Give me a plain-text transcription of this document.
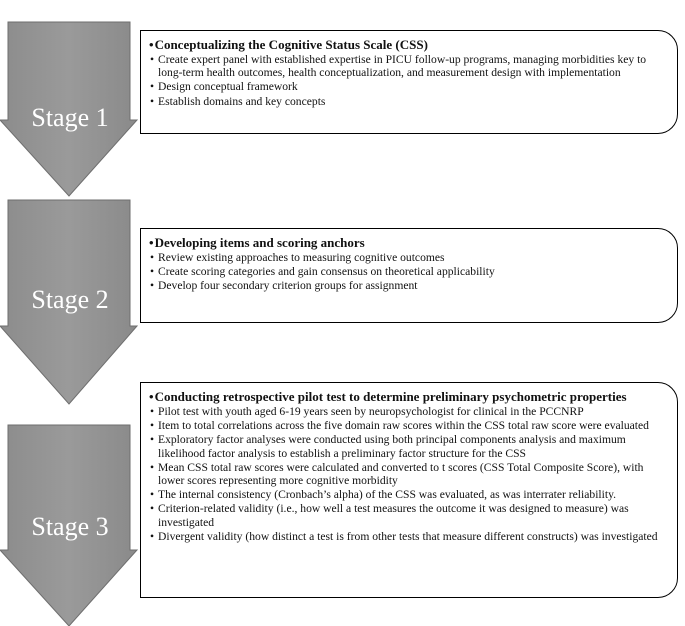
Stage 1
Stage 2
Stage 3
•Conceptualizing the Cognitive Status Scale (CSS)
• Create expert panel with established expertise in PICU follow-up programs, managing morbidities key to long-term health outcomes, health conceptualization, and measurement design with implementation
• Design conceptual framework
• Establish domains and key concepts
•Developing items and scoring anchors
• Review existing approaches to measuring cognitive outcomes
• Create scoring categories and gain consensus on theoretical applicability
• Develop four secondary criterion groups for assignment
•Conducting retrospective pilot test to determine preliminary psychometric properties
• Pilot test with youth aged 6-19 years seen by neuropsychologist for clinical in the PCCNRP
• Item to total correlations across the five domain raw scores within the CSS total raw score were evaluated
• Exploratory factor analyses were conducted using both principal components analysis and maximum likelihood factor analysis to establish a preliminary factor structure for the CSS
• Mean CSS total raw scores were calculated and converted to t scores (CSS Total Composite Score), with lower scores representing more cognitive morbidity
• The internal consistency (Cronbach’s alpha) of the CSS was evaluated, as was interrater reliability.
• Criterion-related validity (i.e., how well a test measures the outcome it was designed to measure) was investigated
• Divergent validity (how distinct a test is from other tests that measure different constructs) was investigated
